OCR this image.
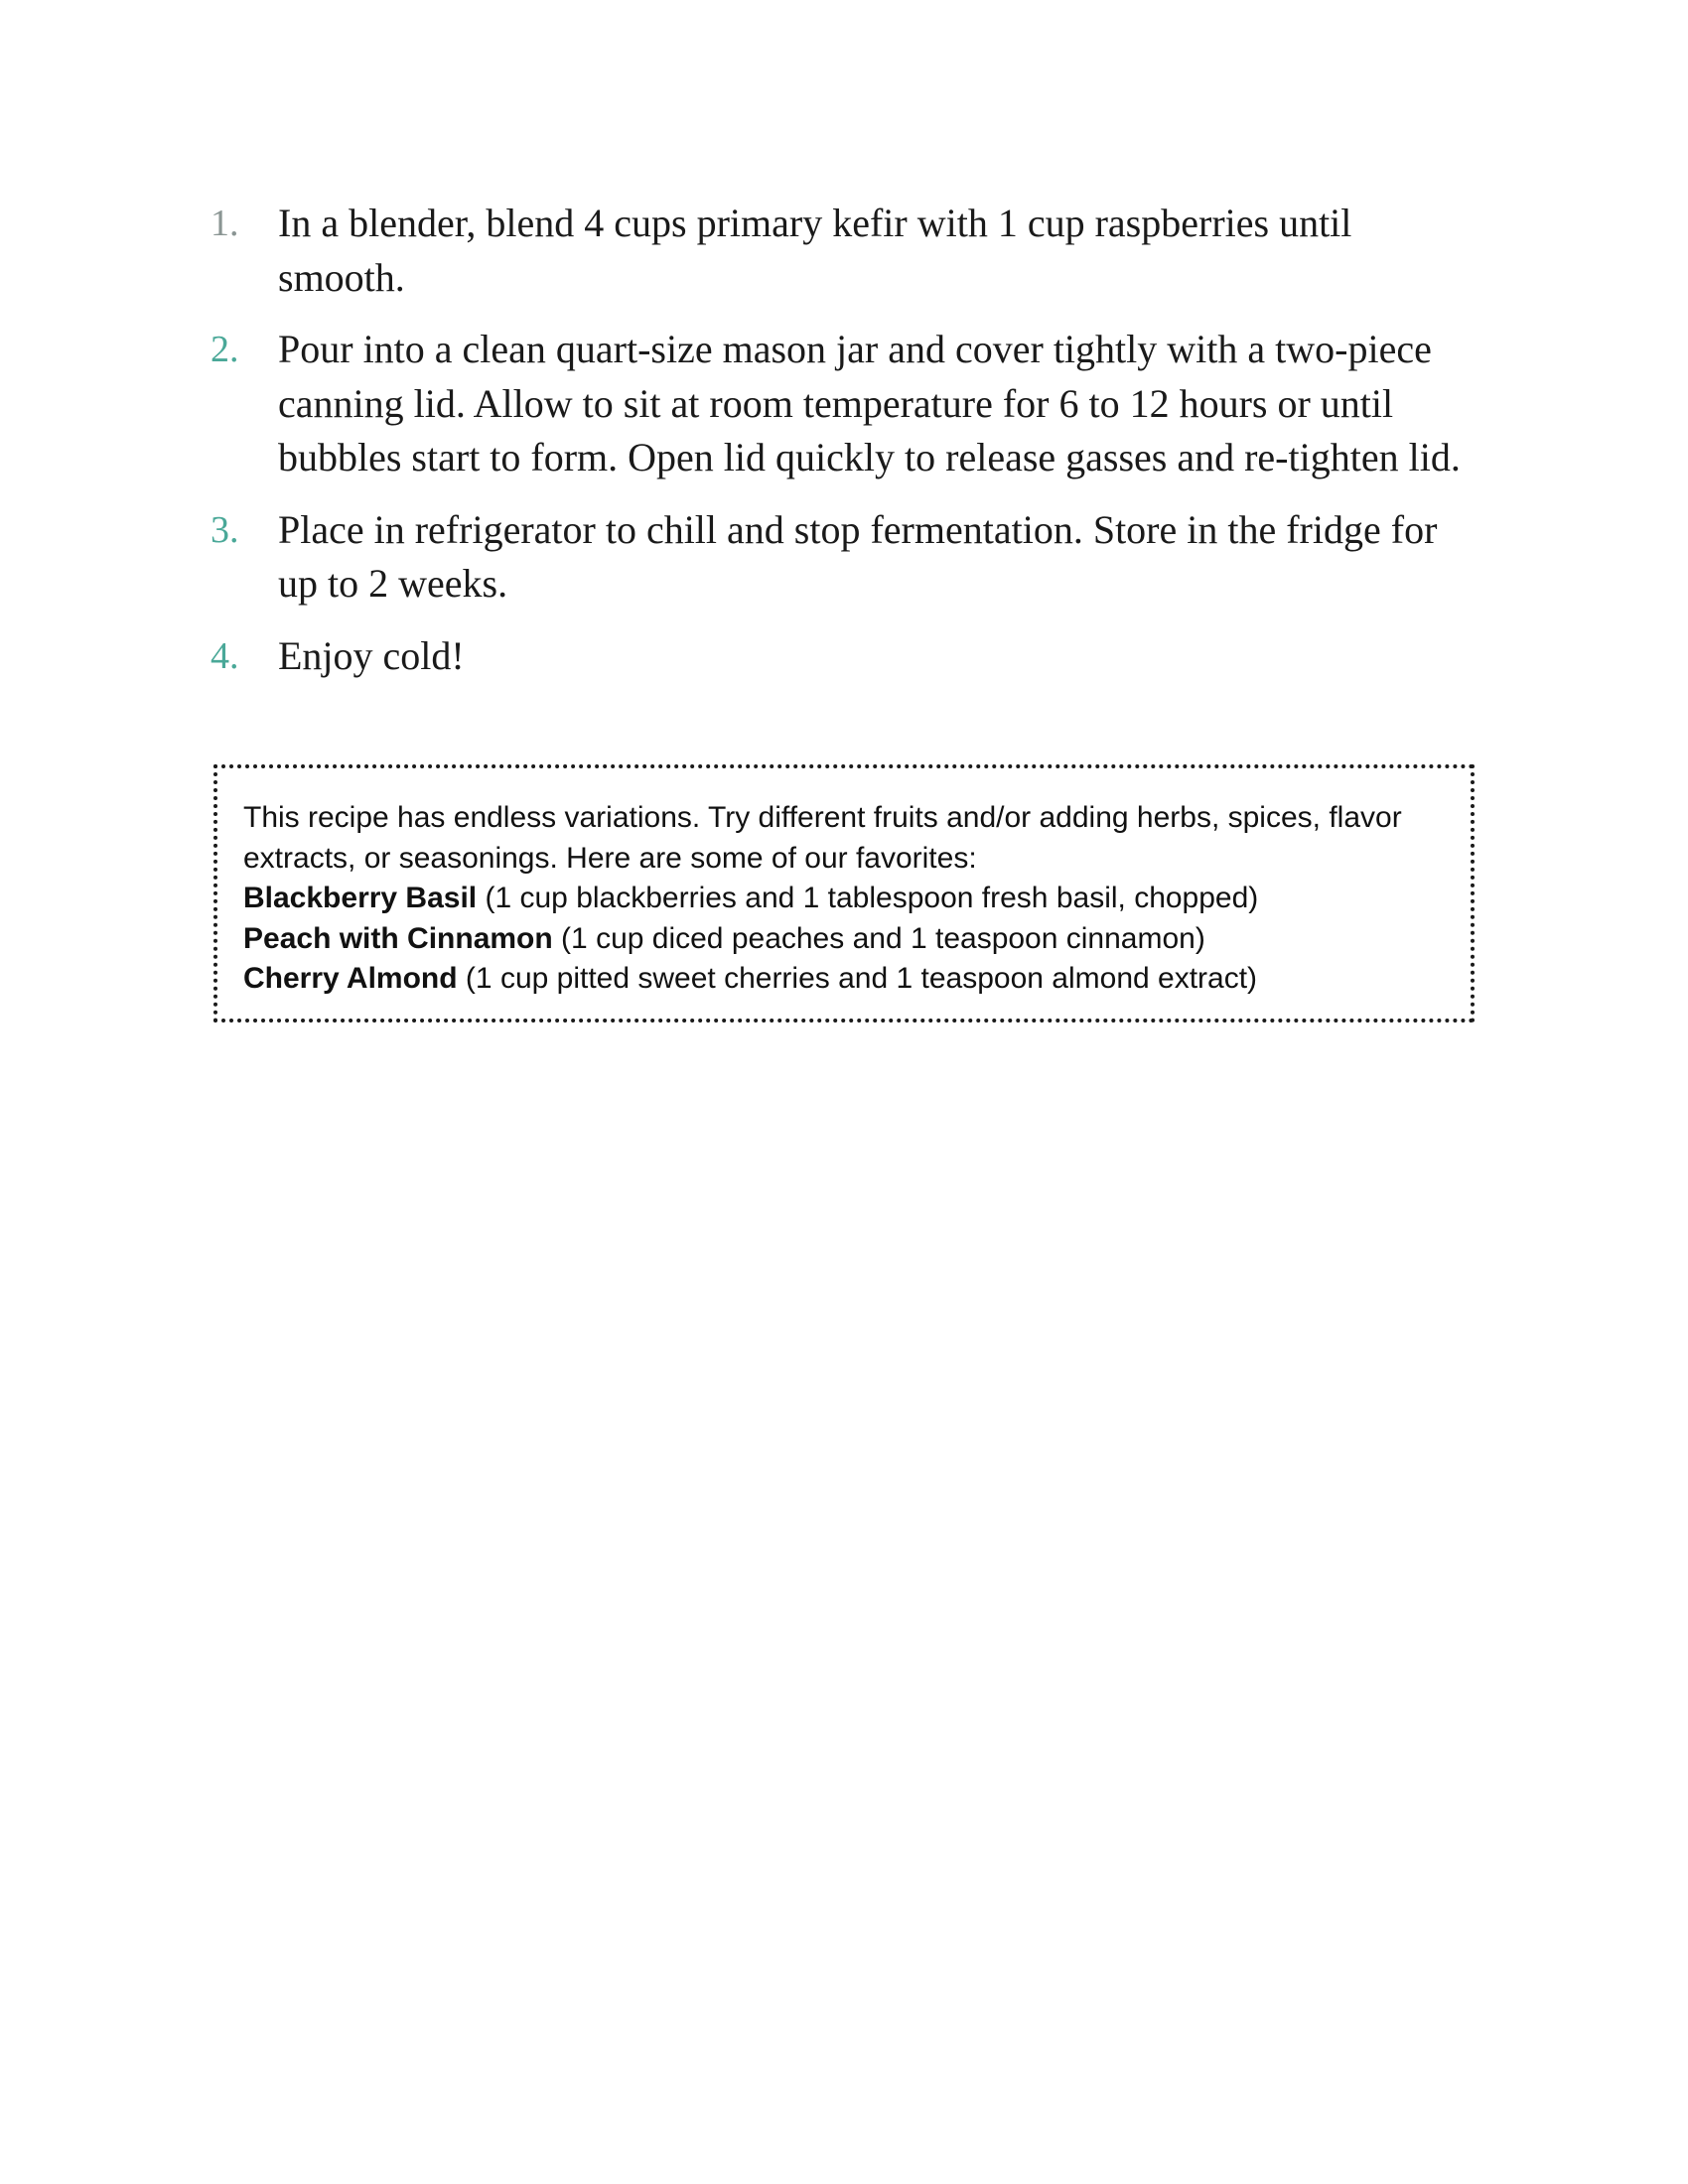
1. In a blender, blend 4 cups primary kefir with 1 cup raspberries until smooth.
2. Pour into a clean quart-size mason jar and cover tightly with a two-piece canning lid. Allow to sit at room temperature for 6 to 12 hours or until bubbles start to form. Open lid quickly to release gasses and re-tighten lid.
3. Place in refrigerator to chill and stop fermentation. Store in the fridge for up to 2 weeks.
4. Enjoy cold!

This recipe has endless variations. Try different fruits and/or adding herbs, spices, flavor extracts, or seasonings. Here are some of our favorites:

Blackberry Basil (1 cup blackberries and 1 tablespoon fresh basil, chopped)

Peach with Cinnamon (1 cup diced peaches and 1 teaspoon cinnamon)

Cherry Almond (1 cup pitted sweet cherries and 1 teaspoon almond extract)
